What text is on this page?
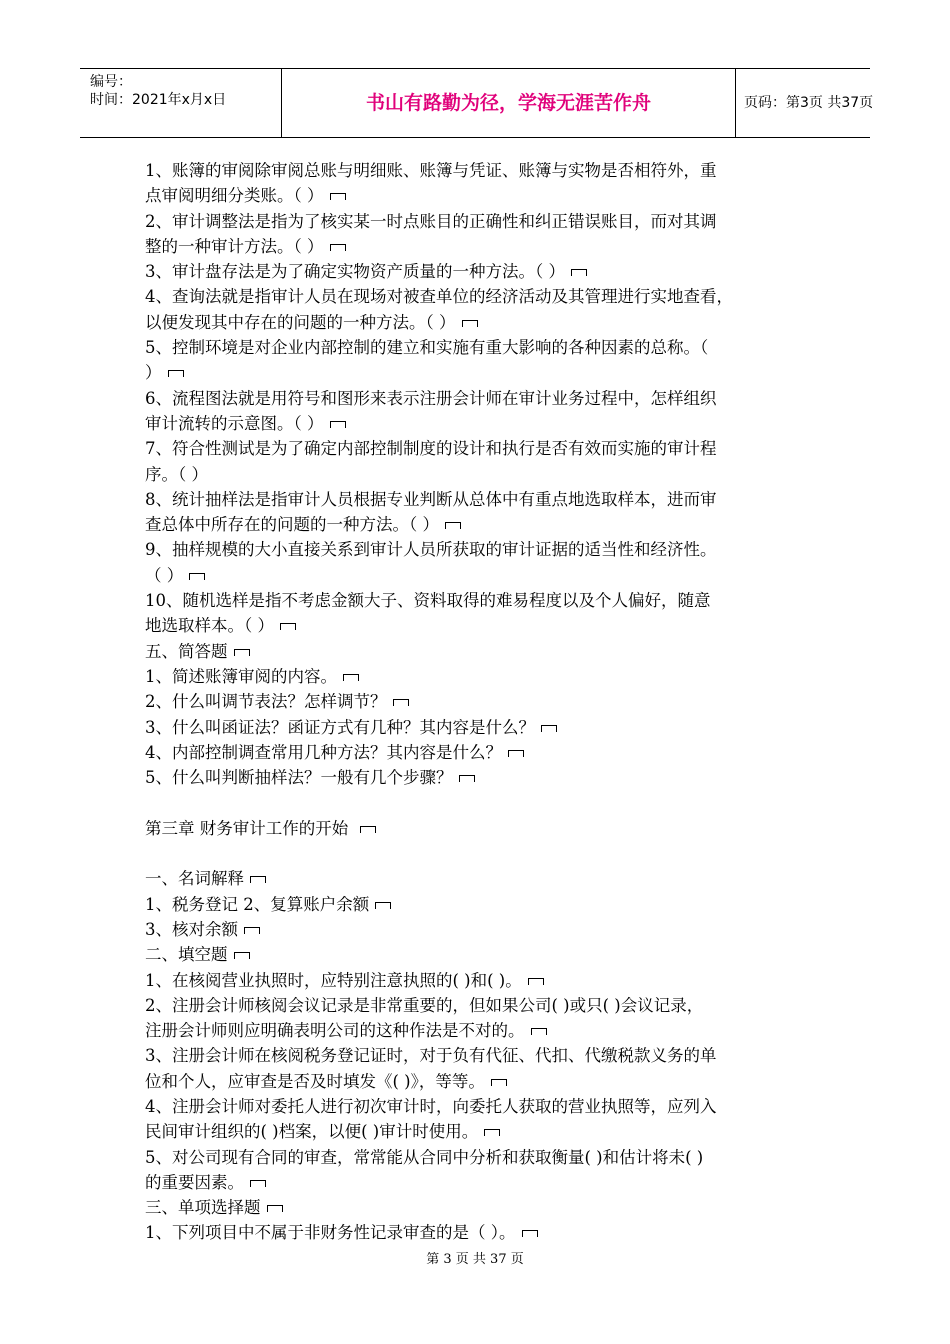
编号：
时间：2021年x月x日	书山有路勤为径，学海无涯苦作舟	页码：第3页 共37页
1、账簿的审阅除审阅总账与明细账、账簿与凭证、账簿与实物是否相符外，重
点审阅明细分类账。（ ）
2、审计调整法是指为了核实某一时点账目的正确性和纠正错误账目，而对其调
整的一种审计方法。（ ）
3、审计盘存法是为了确定实物资产质量的一种方法。（ ）
4、查询法就是指审计人员在现场对被查单位的经济活动及其管理进行实地查看，
以便发现其中存在的问题的一种方法。（ ）
5、控制环境是对企业内部控制的建立和实施有重大影响的各种因素的总称。（
）
6、流程图法就是用符号和图形来表示注册会计师在审计业务过程中，怎样组织
审计流转的示意图。（ ）
7、符合性测试是为了确定内部控制制度的设计和执行是否有效而实施的审计程
序。（ ）
8、统计抽样法是指审计人员根据专业判断从总体中有重点地选取样本，进而审
查总体中所存在的问题的一种方法。（ ）
9、抽样规模的大小直接关系到审计人员所获取的审计证据的适当性和经济性。
（ ）
10、随机选样是指不考虑金额大子、资料取得的难易程度以及个人偏好，随意
地选取样本。（ ）
五、简答题
1、简述账簿审阅的内容。
2、什么叫调节表法？怎样调节？
3、什么叫函证法？函证方式有几种？其内容是什么？
4、内部控制调查常用几种方法？其内容是什么？
5、什么叫判断抽样法？一般有几个步骤？
第三章 财务审计工作的开始
一、名词解释
1、税务登记 2、复算账户余额
3、核对余额
二、填空题
1、在核阅营业执照时，应特别注意执照的( )和( )。
2、注册会计师核阅会议记录是非常重要的，但如果公司( )或只( )会议记录，
注册会计师则应明确表明公司的这种作法是不对的。
3、注册会计师在核阅税务登记证时，对于负有代征、代扣、代缴税款义务的单
位和个人，应审查是否及时填发《( )》，等等。
4、注册会计师对委托人进行初次审计时，向委托人获取的营业执照等，应列入
民间审计组织的( )档案，以便( )审计时使用。
5、对公司现有合同的审查，常常能从合同中分析和获取衡量( )和估计将未( )
的重要因素。
三、单项选择题
1、下列项目中不属于非财务性记录审查的是（ ）。
第 3 页 共 37 页
